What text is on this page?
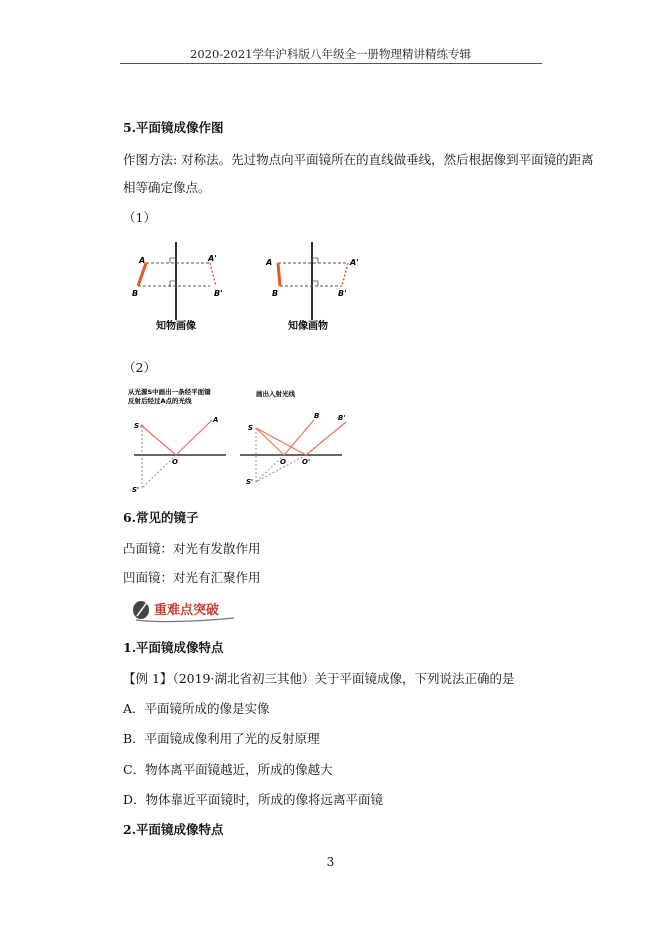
2020-2021学年沪科版八年级全一册物理精讲精练专辑
5.平面镜成像作图
作图方法: 对称法。先过物点向平面镜所在的直线做垂线，然后根据像到平面镜的距离
相等确定像点。
（1）
A
B
A'
B'
知物画像
A
B
A'
B'
知像画物
（2）
从光源S中画出一条经平面镜
反射后经过A点的光线
S
A
O
S'
画出入射光线
S
B	B'
O O'
S'
6.常见的镜子
凸面镜：对光有发散作用
凹面镜：对光有汇聚作用
重难点突破
1.平面镜成像特点
【例 1】（2019·湖北省初三其他）关于平面镜成像，下列说法正确的是
A．平面镜所成的像是实像
B．平面镜成像利用了光的反射原理
C．物体离平面镜越近，所成的像越大
D．物体靠近平面镜时，所成的像将远离平面镜
2.平面镜成像特点
3
